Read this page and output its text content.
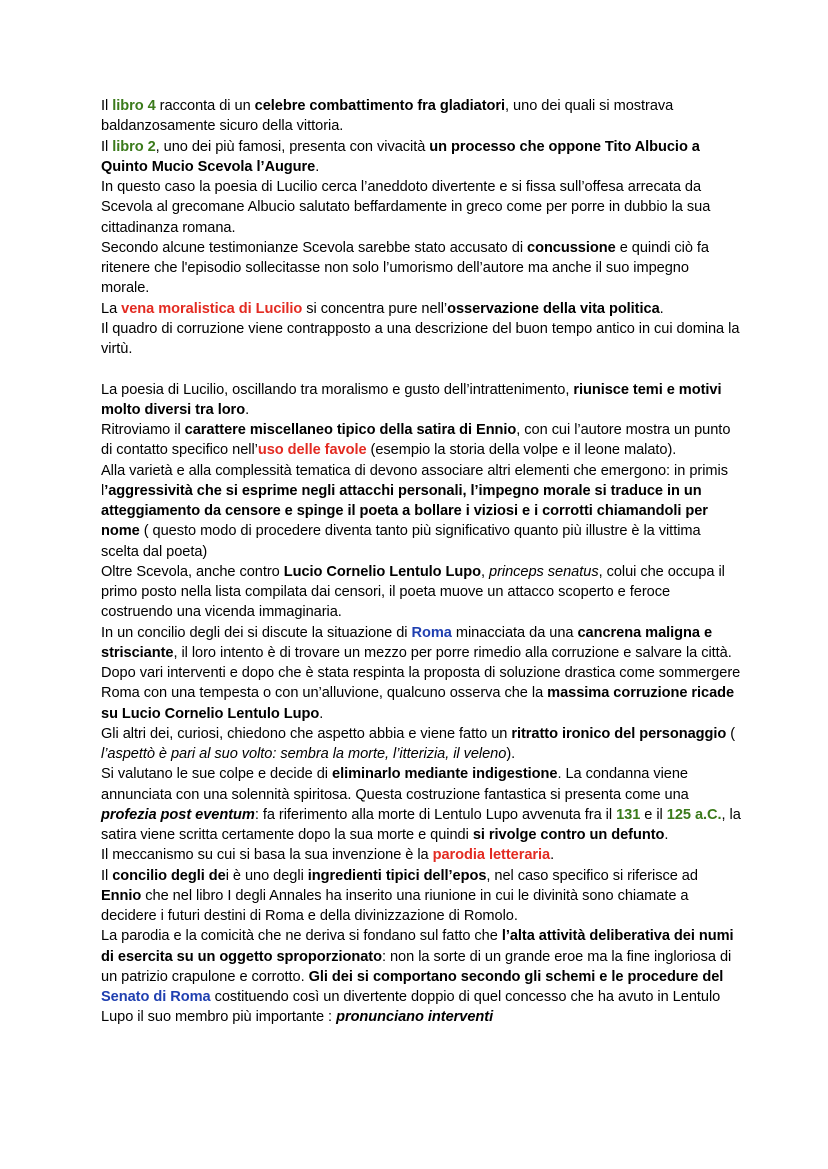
Il libro 4 racconta di un celebre combattimento fra gladiatori, uno dei quali si mostrava baldanzosamente sicuro della vittoria.

Il libro 2, uno dei più famosi, presenta con vivacità un processo che oppone Tito Albucio a Quinto Mucio Scevola l’Augure.

In questo caso la poesia di Lucilio cerca l’aneddoto divertente e si fissa sull’offesa arrecata da Scevola al grecomane Albucio salutato beffardamente in greco come per porre in dubbio la sua cittadinanza romana.

Secondo alcune testimonianze Scevola sarebbe stato accusato di concussione e quindi ciò fa ritenere che l'episodio sollecitasse non solo l’umorismo dell’autore ma anche il suo impegno morale.

La vena moralistica di Lucilio si concentra pure nell’osservazione della vita politica.

Il quadro di corruzione viene contrapposto a una descrizione del buon tempo antico in cui domina la virtù.

La poesia di Lucilio, oscillando tra moralismo e gusto dell’intrattenimento, riunisce temi e motivi molto diversi tra loro.

Ritroviamo il carattere miscellaneo tipico della satira di Ennio, con cui l’autore mostra un punto di contatto specifico nell’uso delle favole (esempio la storia della volpe e il leone malato).

Alla varietà e alla complessità tematica di devono associare altri elementi che emergono: in primis l’aggressività che si esprime negli attacchi personali, l’impegno morale si traduce in un atteggiamento da censore e spinge il poeta a bollare i viziosi e i corrotti chiamandoli per nome ( questo modo di procedere diventa tanto più significativo quanto più illustre è la vittima scelta dal poeta)

Oltre Scevola, anche contro Lucio Cornelio Lentulo Lupo, princeps senatus, colui che occupa il primo posto nella lista compilata dai censori, il poeta muove un attacco scoperto e feroce costruendo una vicenda immaginaria.

In un concilio degli dei si discute la situazione di Roma minacciata da una cancrena maligna e strisciante, il loro intento è di trovare un mezzo per porre rimedio alla corruzione e salvare la città. Dopo vari interventi e dopo che è stata respinta la proposta di soluzione drastica come sommergere Roma con una tempesta o con un’alluvione, qualcuno osserva che la massima corruzione ricade su Lucio Cornelio Lentulo Lupo.

Gli altri dei, curiosi, chiedono che aspetto abbia e viene fatto un ritratto ironico del personaggio ( l’aspettò è pari al suo volto: sembra la morte, l’itterizia, il veleno).

Si valutano le sue colpe e decide di eliminarlo mediante indigestione. La condanna viene annunciata con una solennità spiritosa. Questa costruzione fantastica si presenta come una profezia post eventum: fa riferimento alla morte di Lentulo Lupo avvenuta fra il 131 e il 125 a.C., la satira viene scritta certamente dopo la sua morte e quindi si rivolge contro un defunto.

Il meccanismo su cui si basa la sua invenzione è la parodia letteraria.

Il concilio degli dei è uno degli ingredienti tipici dell’epos, nel caso specifico si riferisce ad Ennio che nel libro I degli Annales ha inserito una riunione in cui le divinità sono chiamate a decidere i futuri destini di Roma e della divinizzazione di Romolo.

La parodia e la comicità che ne deriva si fondano sul fatto che l’alta attività deliberativa dei numi di esercita su un oggetto sproporzionato: non la sorte di un grande eroe ma la fine ingloriosa di un patrizio crapulone e corrotto. Gli dei si comportano secondo gli schemi e le procedure del Senato di Roma costituendo così un divertente doppio di quel concesso che ha avuto in Lentulo Lupo il suo membro più importante : pronunciano interventi
